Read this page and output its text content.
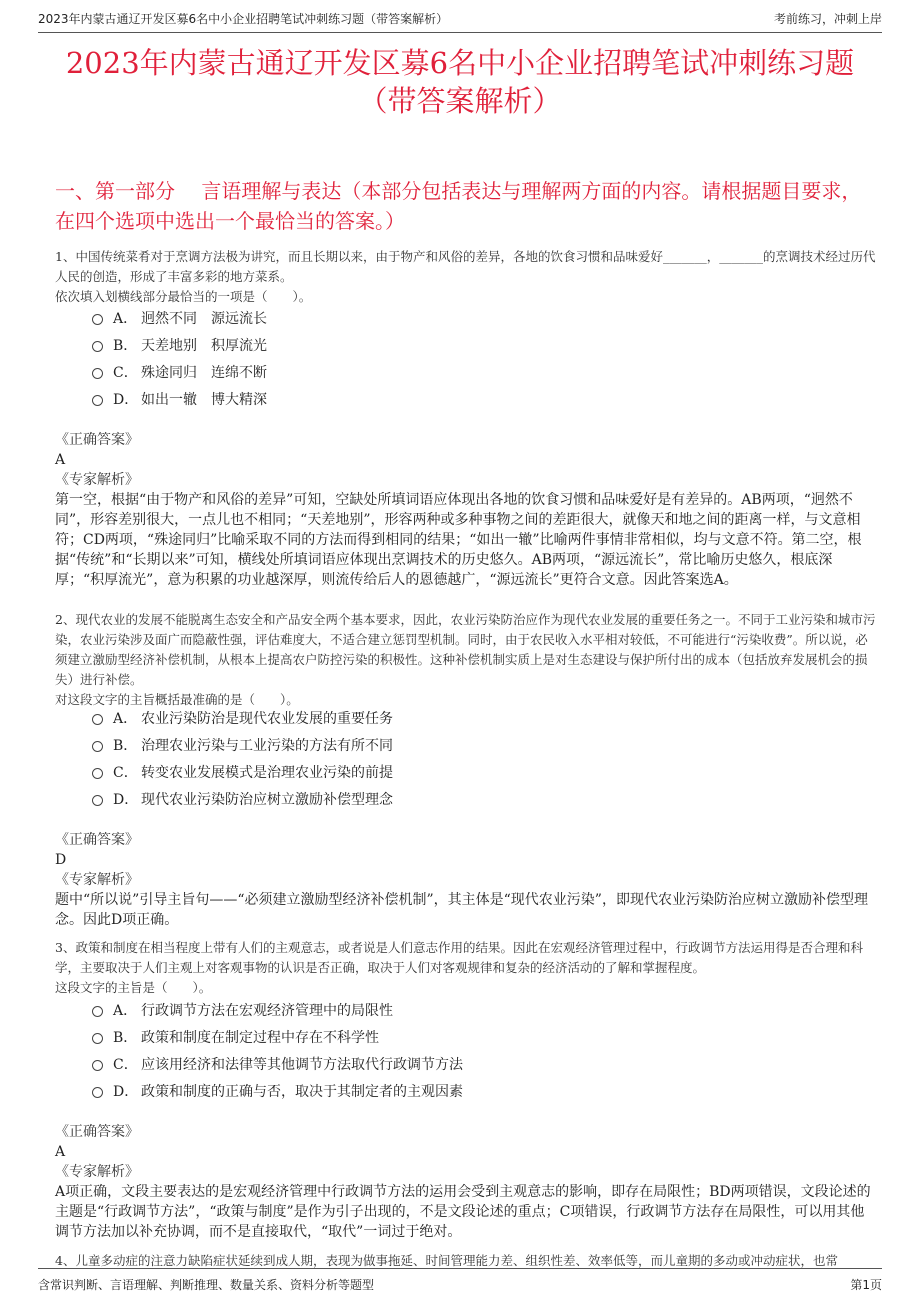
2023年内蒙古通辽开发区募6名中小企业招聘笔试冲刺练习题（带答案解析）	考前练习，冲刺上岸
2023年内蒙古通辽开发区募6名中小企业招聘笔试冲刺练习题
（带答案解析）
一、第一部分　 言语理解与表达（本部分包括表达与理解两方面的内容。请根据题目要求，在四个选项中选出一个最恰当的答案。）

1、中国传统菜肴对于烹调方法极为讲究，而且长期以来，由于物产和风俗的差异，各地的饮食习惯和品味爱好_______，_______的烹调技术经过历代人民的创造，形成了丰富多彩的地方菜系。

依次填入划横线部分最恰当的一项是（　　）。

A． 迥然不同　源远流长
B． 天差地别　积厚流光
C． 殊途同归　连绵不断
D． 如出一辙　博大精深

《正确答案》

A

《专家解析》

第一空，根据“由于物产和风俗的差异”可知，空缺处所填词语应体现出各地的饮食习惯和品味爱好是有差异的。AB两项，“迥然不同”，形容差别很大，一点儿也不相同；“天差地别”，形容两种或多种事物之间的差距很大，就像天和地之间的距离一样，与文意相符；CD两项，“殊途同归”比喻采取不同的方法而得到相同的结果；“如出一辙”比喻两件事情非常相似，均与文意不符。第二空，根据“传统”和“长期以来”可知，横线处所填词语应体现出烹调技术的历史悠久。AB两项，“源远流长”，常比喻历史悠久，根底深厚；“积厚流光”，意为积累的功业越深厚，则流传给后人的恩德越广，“源远流长”更符合文意。因此答案选A。

2、现代农业的发展不能脱离生态安全和产品安全两个基本要求，因此，农业污染防治应作为现代农业发展的重要任务之一。不同于工业污染和城市污染，农业污染涉及面广而隐蔽性强，评估难度大，不适合建立惩罚型机制。同时，由于农民收入水平相对较低，不可能进行“污染收费”。所以说，必须建立激励型经济补偿机制，从根本上提高农户防控污染的积极性。这种补偿机制实质上是对生态建设与保护所付出的成本（包括放弃发展机会的损失）进行补偿。

对这段文字的主旨概括最准确的是（　　）。

A． 农业污染防治是现代农业发展的重要任务
B． 治理农业污染与工业污染的方法有所不同
C． 转变农业发展模式是治理农业污染的前提
D． 现代农业污染防治应树立激励补偿型理念

《正确答案》

D

《专家解析》

题中“所以说”引导主旨句——“必须建立激励型经济补偿机制”，其主体是“现代农业污染”，即现代农业污染防治应树立激励补偿型理念。因此D项正确。

3、政策和制度在相当程度上带有人们的主观意志，或者说是人们意志作用的结果。因此在宏观经济管理过程中，行政调节方法运用得是否合理和科学，主要取决于人们主观上对客观事物的认识是否正确，取决于人们对客观规律和复杂的经济活动的了解和掌握程度。

这段文字的主旨是（　　）。

A． 行政调节方法在宏观经济管理中的局限性
B． 政策和制度在制定过程中存在不科学性
C． 应该用经济和法律等其他调节方法取代行政调节方法
D． 政策和制度的正确与否，取决于其制定者的主观因素

《正确答案》

A

《专家解析》

A项正确，文段主要表达的是宏观经济管理中行政调节方法的运用会受到主观意志的影响，即存在局限性；BD两项错误，文段论述的主题是“行政调节方法”，“政策与制度”是作为引子出现的，不是文段论述的重点；C项错误，行政调节方法存在局限性，可以用其他调节方法加以补充协调，而不是直接取代，“取代”一词过于绝对。

4、儿童多动症的注意力缺陷症状延续到成人期，表现为做事拖延、时间管理能力差、组织性差、效率低等，而儿童期的多动或冲动症状，也常
含常识判断、言语理解、判断推理、数量关系、资料分析等题型	第1页
